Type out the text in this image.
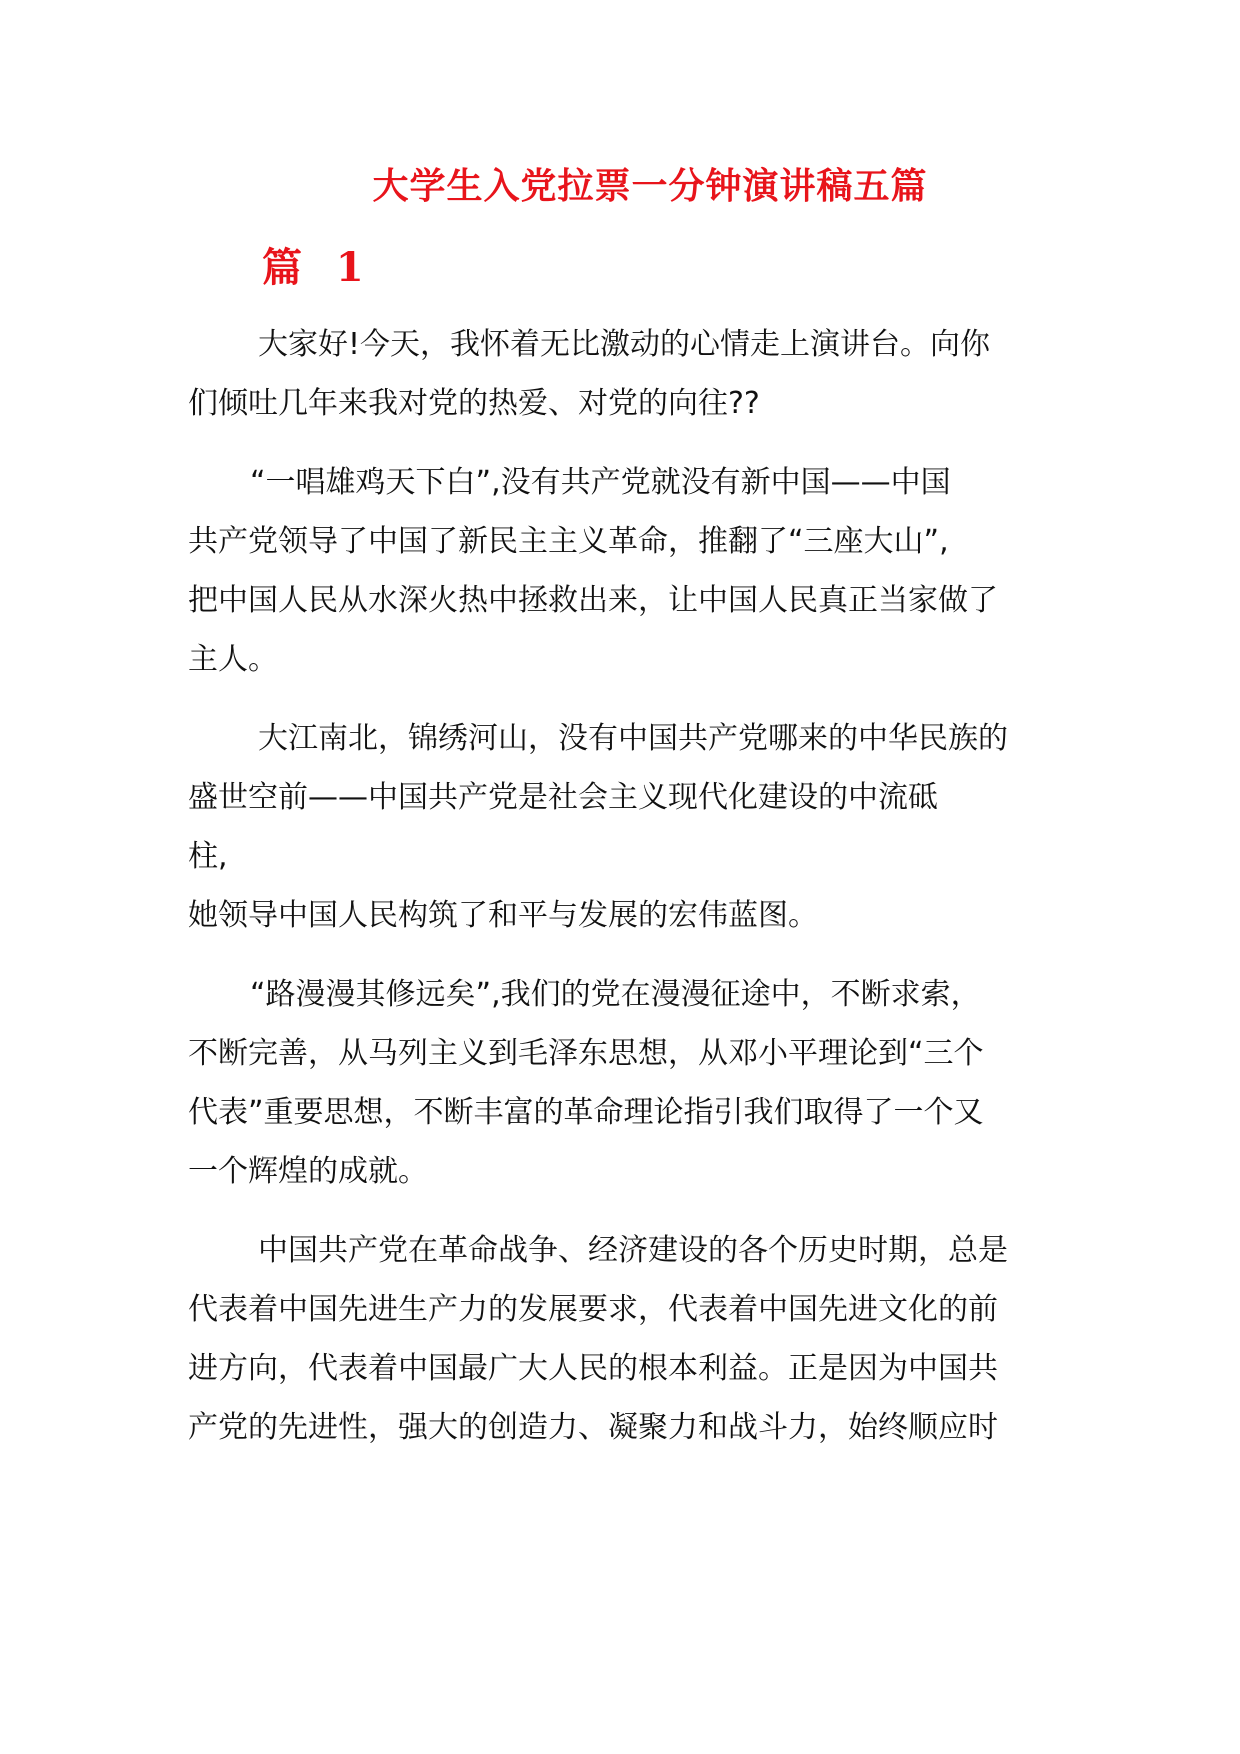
大学生入党拉票一分钟演讲稿五篇
篇 1

大家好!今天，我怀着无比激动的心情走上演讲台。向你
们倾吐几年来我对党的热爱、对党的向往??

“一唱雄鸡天下白”,没有共产党就没有新中国——中国
共产党领导了中国了新民主主义革命，推翻了“三座大山”,
把中国人民从水深火热中拯救出来，让中国人民真正当家做了
主人。

大江南北，锦绣河山，没有中国共产党哪来的中华民族的
盛世空前——中国共产党是社会主义现代化建设的中流砥
柱,

她领导中国人民构筑了和平与发展的宏伟蓝图。

“路漫漫其修远矣”,我们的党在漫漫征途中，不断求索，
不断完善，从马列主义到毛泽东思想，从邓小平理论到“三个
代表”重要思想，不断丰富的革命理论指引我们取得了一个又
一个辉煌的成就。

中国共产党在革命战争、经济建设的各个历史时期，总是
代表着中国先进生产力的发展要求，代表着中国先进文化的前
进方向，代表着中国最广大人民的根本利益。正是因为中国共
产党的先进性，强大的创造力、凝聚力和战斗力，始终顺应时
